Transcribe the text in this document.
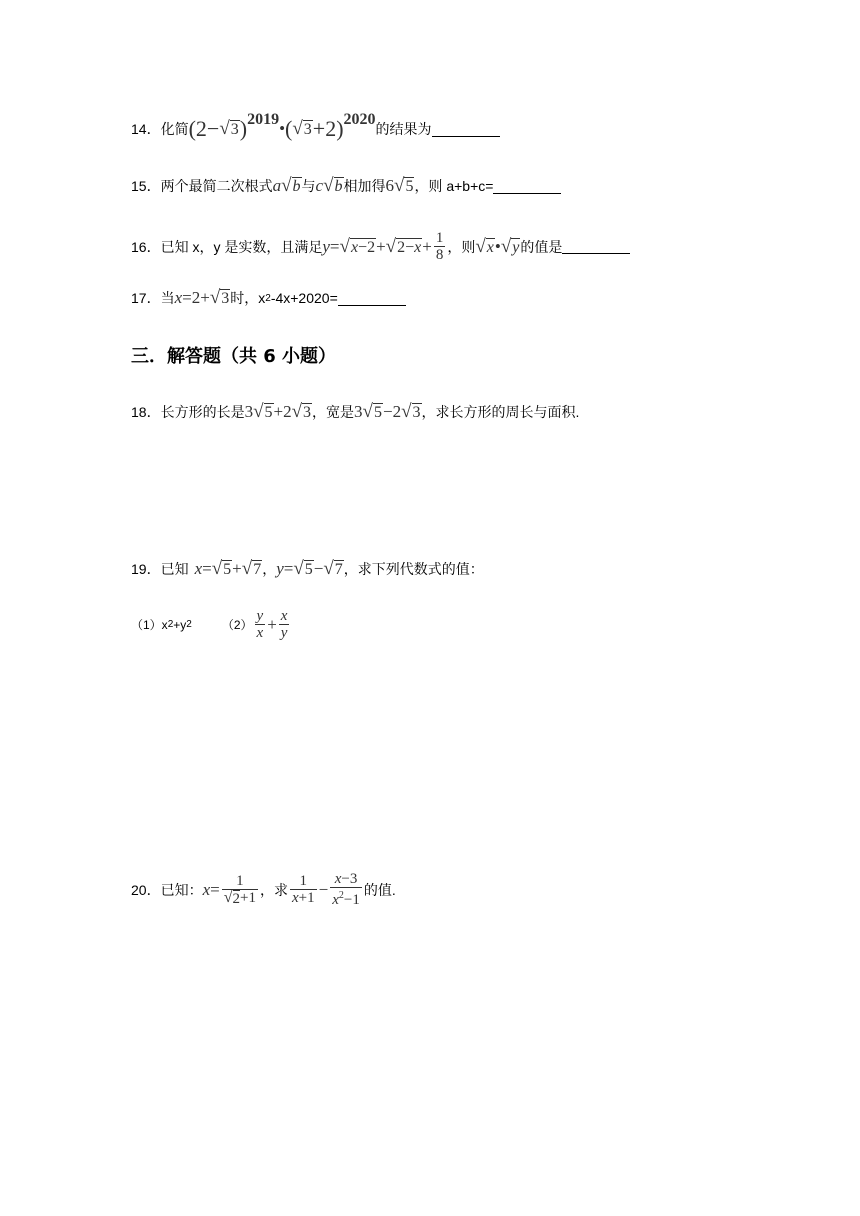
14． 化简 (2− √ 3 ) 2019 • ( √ 3 +2) 2020
的结果为
15． 两个最简二次根式 a √ b 与 c √ b 相加得 6 √ 5 ，则 a+b+c=
16． 已知 x，y 是实数，且满足 y = √ x−2 + √ $2-x + \frac{1}{8}$ ，则 √ x • √ y 的值是
17． 当 x =2+ √ 3 时， x 2 -4x+2020=
三．解答题（共 6 小题）
18． 长方形的长是 3 √ 5 +2 √ 3 ，宽是 3 √ 5 −2 √ 3 ，求长方形的周长与面积.
19． 已知 x = √ 5 + √ 7 ， y = √ 5 − √ 7 ，求下列代数式的值：
（1）x 2 +y 2	$(2) \frac{y}{x} + \frac{x}{y}$
20． 已知： $x = \frac{1}{√ 2 +1}$ ，求 $\frac{1}{x+1} - \frac{x-3}{x^2-1}$ 的值.
